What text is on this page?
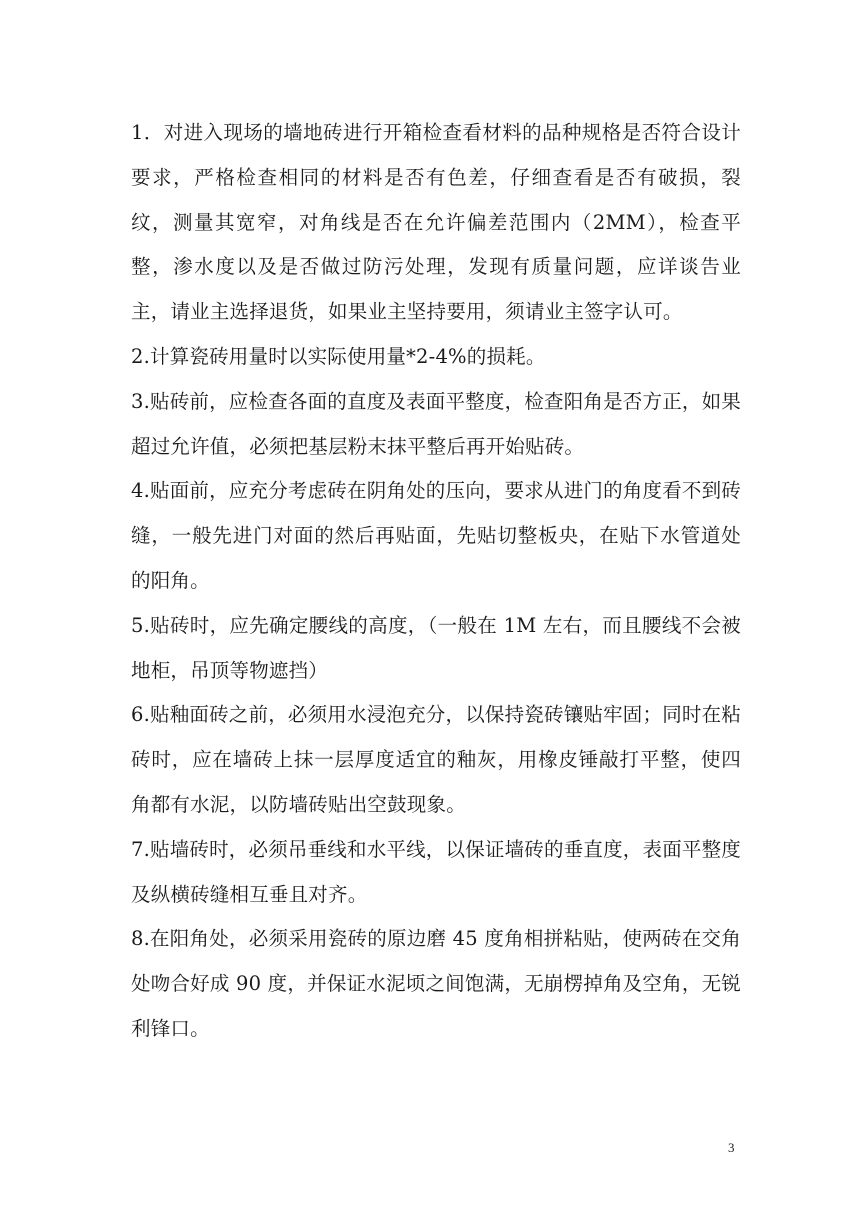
1．对进入现场的墙地砖进行开箱检查看材料的品种规格是否符合设计要求，严格检查相同的材料是否有色差，仔细查看是否有破损，裂纹，测量其宽窄，对角线是否在允许偏差范围内（2MM），检查平整，渗水度以及是否做过防污处理，发现有质量问题，应详谈告业主，请业主选择退货，如果业主坚持要用，须请业主签字认可。

2.计算瓷砖用量时以实际使用量*2-4%的损耗。

3.贴砖前，应检查各面的直度及表面平整度，检查阳角是否方正，如果超过允许值，必须把基层粉末抹平整后再开始贴砖。

4.贴面前，应充分考虑砖在阴角处的压向，要求从进门的角度看不到砖缝，一般先进门对面的然后再贴面，先贴切整板央，在贴下水管道处的阳角。

5.贴砖时，应先确定腰线的高度，（一般在 1M 左右，而且腰线不会被地柜，吊顶等物遮挡）

6.贴釉面砖之前，必须用水浸泡充分，以保持瓷砖镶贴牢固；同时在粘砖时，应在墙砖上抹一层厚度适宜的釉灰，用橡皮锤敲打平整，使四角都有水泥，以防墙砖贴出空鼓现象。

7.贴墙砖时，必须吊垂线和水平线，以保证墙砖的垂直度，表面平整度及纵横砖缝相互垂且对齐。

8.在阳角处，必须采用瓷砖的原边磨 45 度角相拼粘贴，使两砖在交角处吻合好成 90 度，并保证水泥顷之间饱满，无崩楞掉角及空角，无锐利锋口。

3
